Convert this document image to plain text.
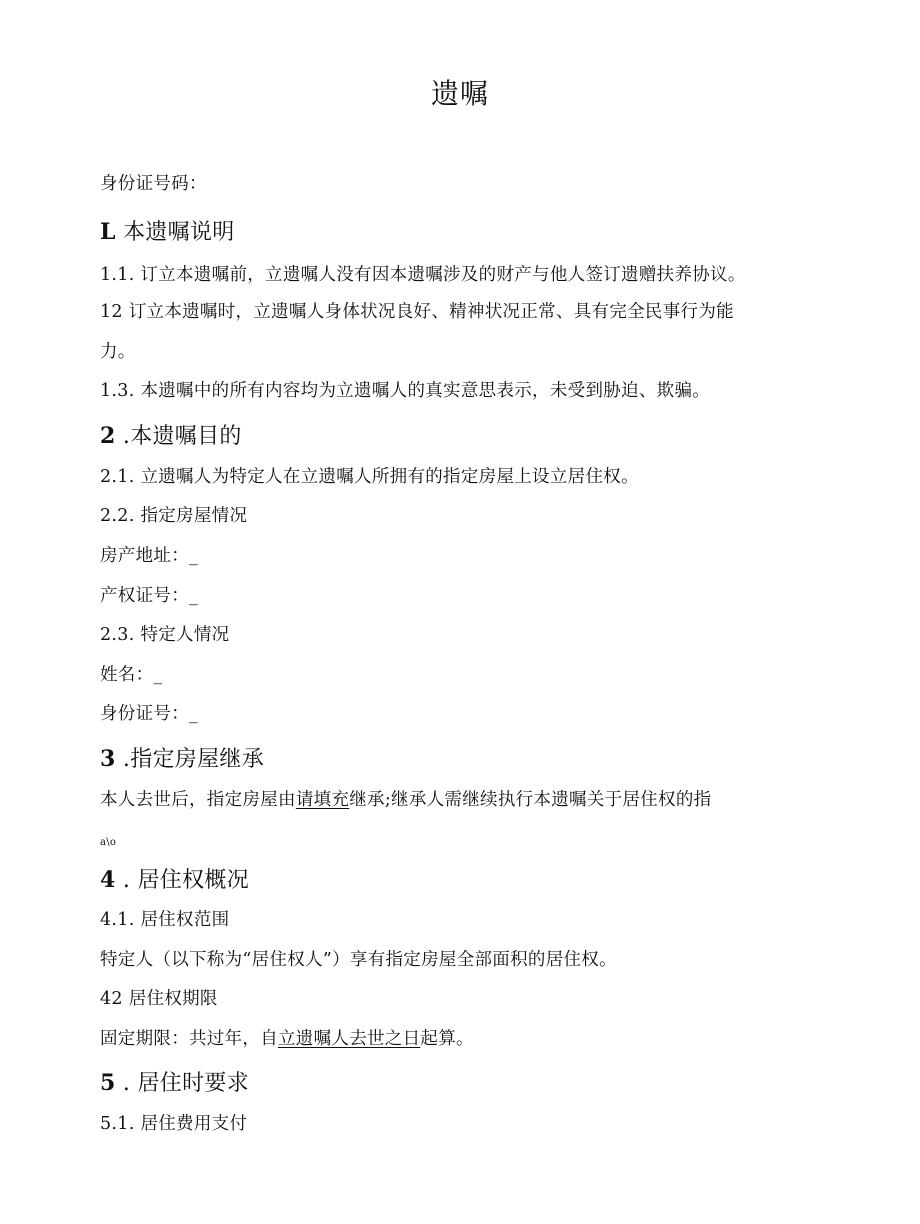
遗嘱
身份证号码：
L 本遗嘱说明
1.1. 订立本遗嘱前，立遗嘱人没有因本遗嘱涉及的财产与他人签订遗赠扶养协议。
12 订立本遗嘱时，立遗嘱人身体状况良好、精神状况正常、具有完全民事行为能
力。
1.3. 本遗嘱中的所有内容均为立遗嘱人的真实意思表示，未受到胁迫、欺骗。
2 .本遗嘱目的
2.1. 立遗嘱人为特定人在立遗嘱人所拥有的指定房屋上设立居住权。
2.2. 指定房屋情况
房产地址：_
产权证号：_
2.3. 特定人情况
姓名：_
身份证号：_
3 .指定房屋继承
本人去世后，指定房屋由请填充继承;继承人需继续执行本遗嘱关于居住权的指
a\o
4 . 居住权概况
4.1. 居住权范围
特定人（以下称为“居住权人”）享有指定房屋全部面积的居住权。
42 居住权期限
固定期限：共过年，自立遗嘱人去世之日起算。
5 . 居住时要求
5.1. 居住费用支付
